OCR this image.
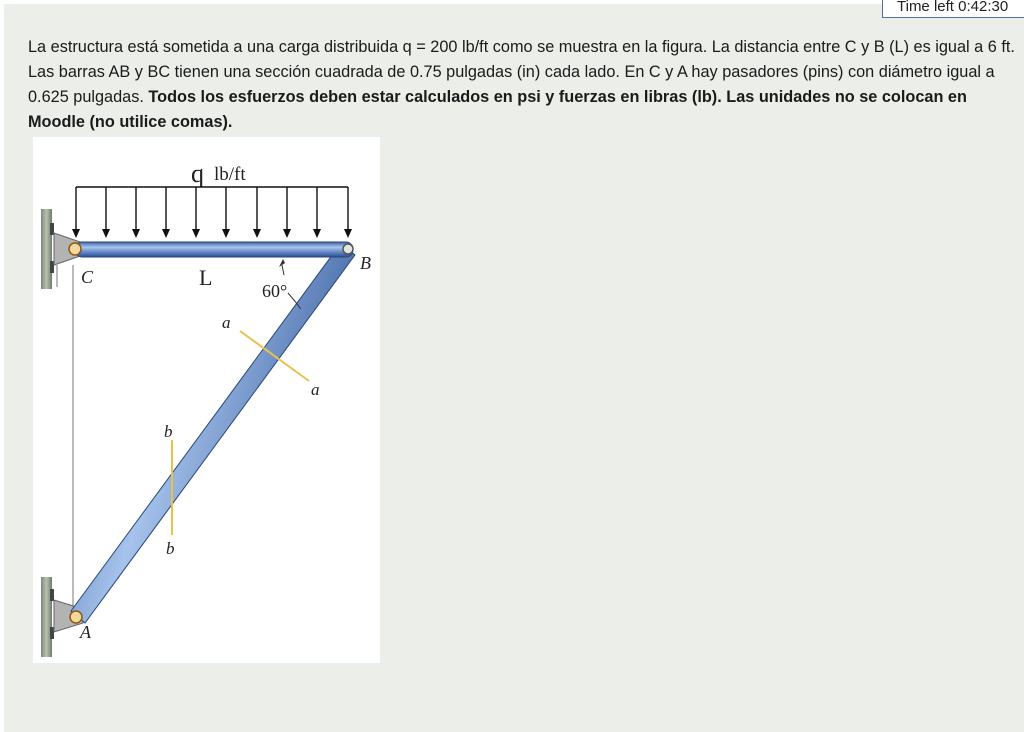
Time left 0:42:30
La estructura está sometida a una carga distribuida q = 200 lb/ft como se muestra en la figura. La distancia entre C y B (L) es igual a 6 ft. Las barras AB y BC tienen una sección cuadrada de 0.75 pulgadas (in) cada lado. En C y A hay pasadores (pins) con diámetro igual a 0.625 pulgadas. Todos los esfuerzos deben estar calculados en psi y fuerzas en libras (lb). Las unidades no se colocan en Moodle (no utilice comas).
q lb/ft
60°
a
a
b
b
C
B
A
L
